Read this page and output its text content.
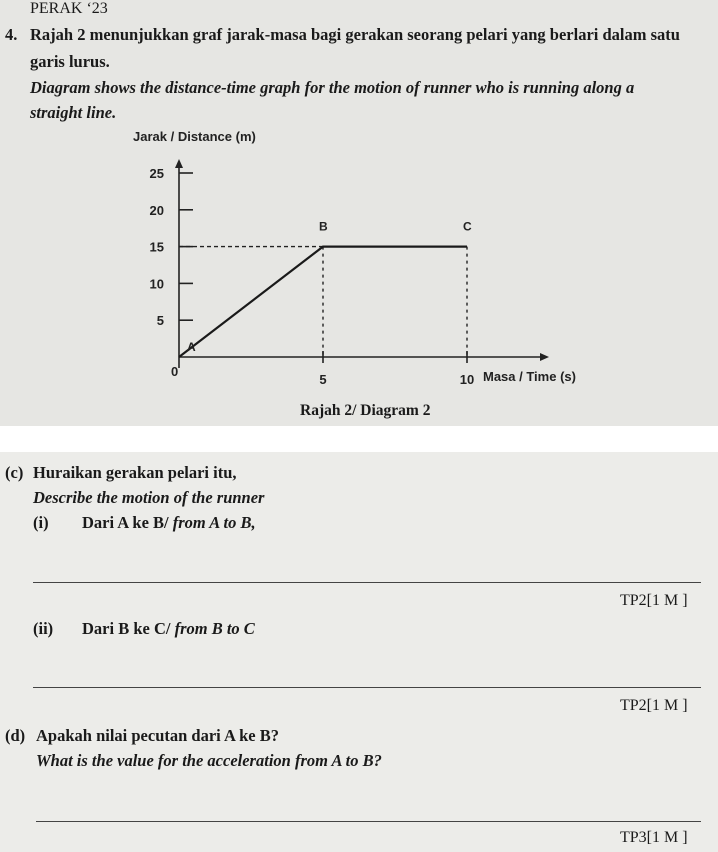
PERAK ‘23
4. Rajah 2 menunjukkan graf jarak-masa bagi gerakan seorang pelari yang berlari dalam satu
garis lurus.
Diagram shows the distance-time graph for the motion of runner who is running along a
straight line.
5
10
15
20
25
5	10
A
B	C
Jarak / Distance (m)
Masa / Time (s)
0
Rajah 2/ Diagram 2
(c) Huraikan gerakan pelari itu,
Describe the motion of the runner
(i) Dari A ke B/ from A to B,
TP2[1 M ]
(ii) Dari B ke C/ from B to C
TP2[1 M ]
(d) Apakah nilai pecutan dari A ke B?
What is the value for the acceleration from A to B?
TP3[1 M ]
